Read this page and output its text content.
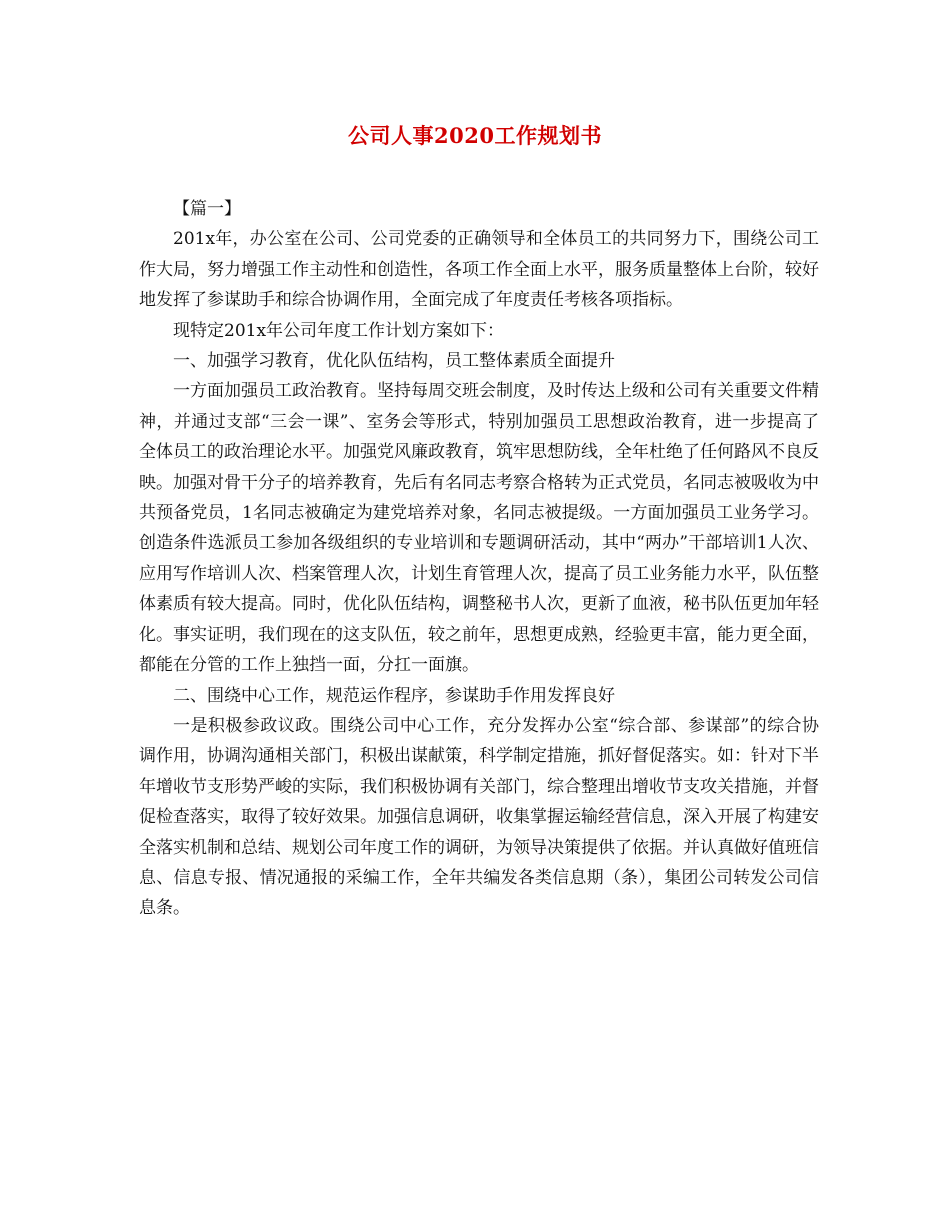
公司人事2020工作规划书

【篇一】

201x年，办公室在公司、公司党委的正确领导和全体员工的共同努力下，围绕公司工作大局，努力增强工作主动性和创造性，各项工作全面上水平，服务质量整体上台阶，较好地发挥了参谋助手和综合协调作用，全面完成了年度责任考核各项指标。

现特定201x年公司年度工作计划方案如下：

一、加强学习教育，优化队伍结构，员工整体素质全面提升

一方面加强员工政治教育。坚持每周交班会制度，及时传达上级和公司有关重要文件精神，并通过支部“三会一课”、室务会等形式，特别加强员工思想政治教育，进一步提高了全体员工的政治理论水平。加强党风廉政教育，筑牢思想防线，全年杜绝了任何路风不良反映。加强对骨干分子的培养教育，先后有名同志考察合格转为正式党员，名同志被吸收为中共预备党员，1名同志被确定为建党培养对象，名同志被提级。一方面加强员工业务学习。创造条件选派员工参加各级组织的专业培训和专题调研活动，其中“两办”干部培训1人次、应用写作培训人次、档案管理人次，计划生育管理人次，提高了员工业务能力水平，队伍整体素质有较大提高。同时，优化队伍结构，调整秘书人次，更新了血液，秘书队伍更加年轻化。事实证明，我们现在的这支队伍，较之前年，思想更成熟，经验更丰富，能力更全面，都能在分管的工作上独挡一面，分扛一面旗。

二、围绕中心工作，规范运作程序，参谋助手作用发挥良好

一是积极参政议政。围绕公司中心工作，充分发挥办公室“综合部、参谋部”的综合协调作用，协调沟通相关部门，积极出谋献策，科学制定措施，抓好督促落实。如：针对下半年增收节支形势严峻的实际，我们积极协调有关部门，综合整理出增收节支攻关措施，并督促检查落实，取得了较好效果。加强信息调研，收集掌握运输经营信息，深入开展了构建安全落实机制和总结、规划公司年度工作的调研，为领导决策提供了依据。并认真做好值班信息、信息专报、情况通报的采编工作，全年共编发各类信息期（条），集团公司转发公司信息条。
